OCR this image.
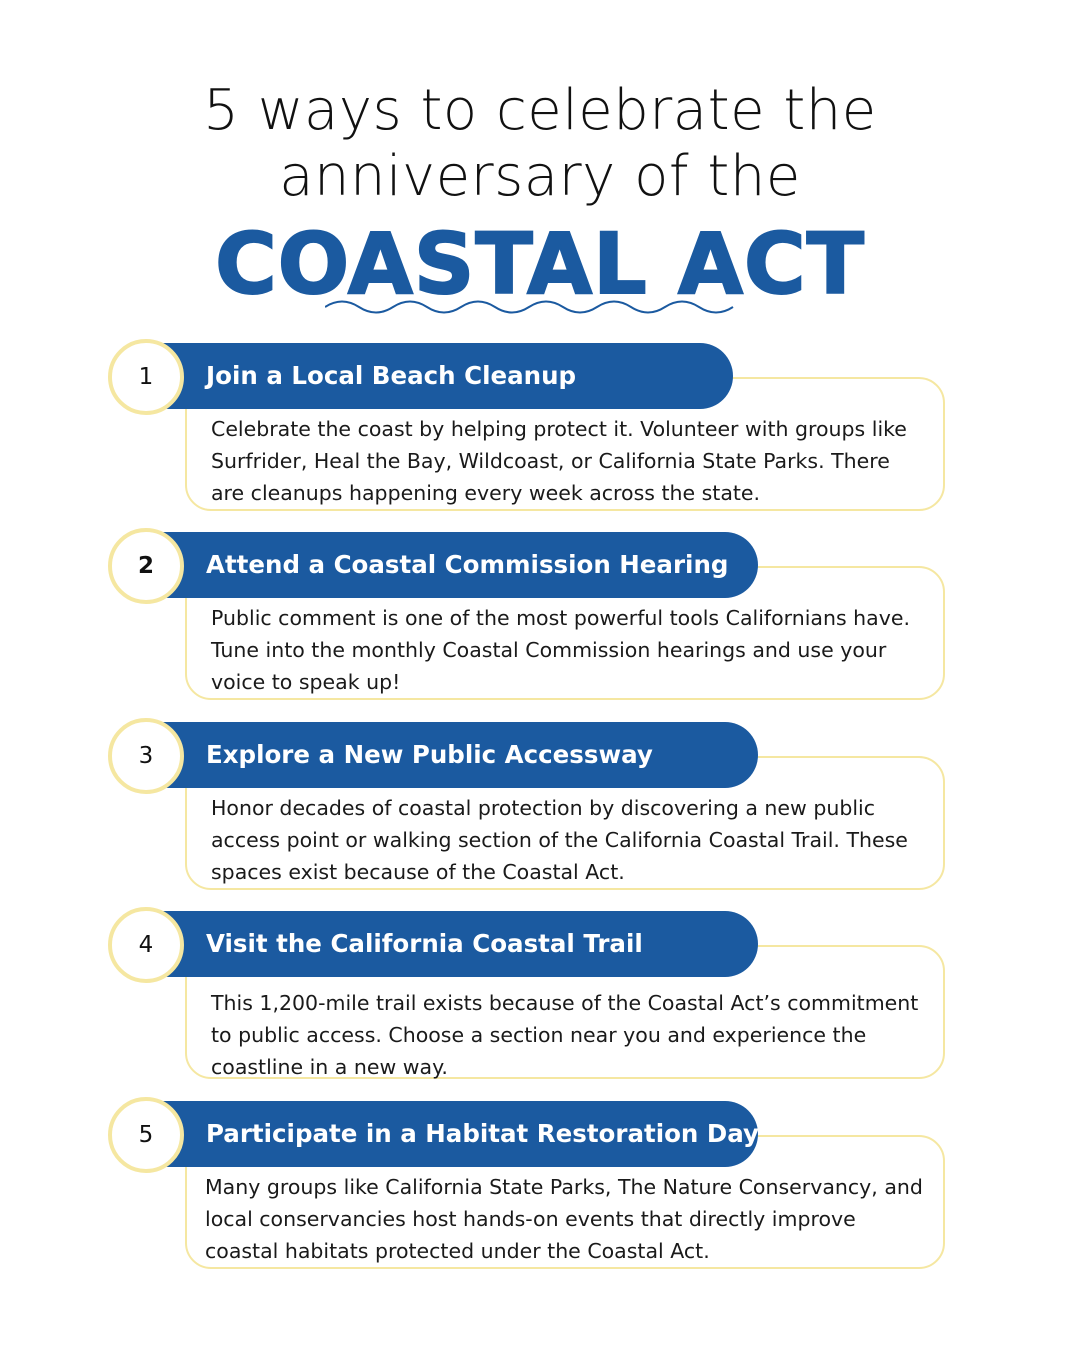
5 ways to celebrate the
anniversary of the
COASTAL ACT
Celebrate the coast by helping protect it. Volunteer with groups like Surfrider, Heal the Bay, Wildcoast, or California State Parks. There are cleanups happening every week across the state.
Join a Local Beach Cleanup
1
Public comment is one of the most powerful tools Californians have. Tune into the monthly Coastal Commission hearings and use your voice to speak up!
Attend a Coastal Commission Hearing
2
Honor decades of coastal protection by discovering a new public access point or walking section of the California Coastal Trail. These spaces exist because of the Coastal Act.
Explore a New Public Accessway
3
This 1,200-mile trail exists because of the Coastal Act’s commitment to public access. Choose a section near you and experience the coastline in a new way.
Visit the California Coastal Trail
4
Many groups like California State Parks, The Nature Conservancy, and local conservancies host hands-on events that directly improve coastal habitats protected under the Coastal Act.
Participate in a Habitat Restoration Day
5
